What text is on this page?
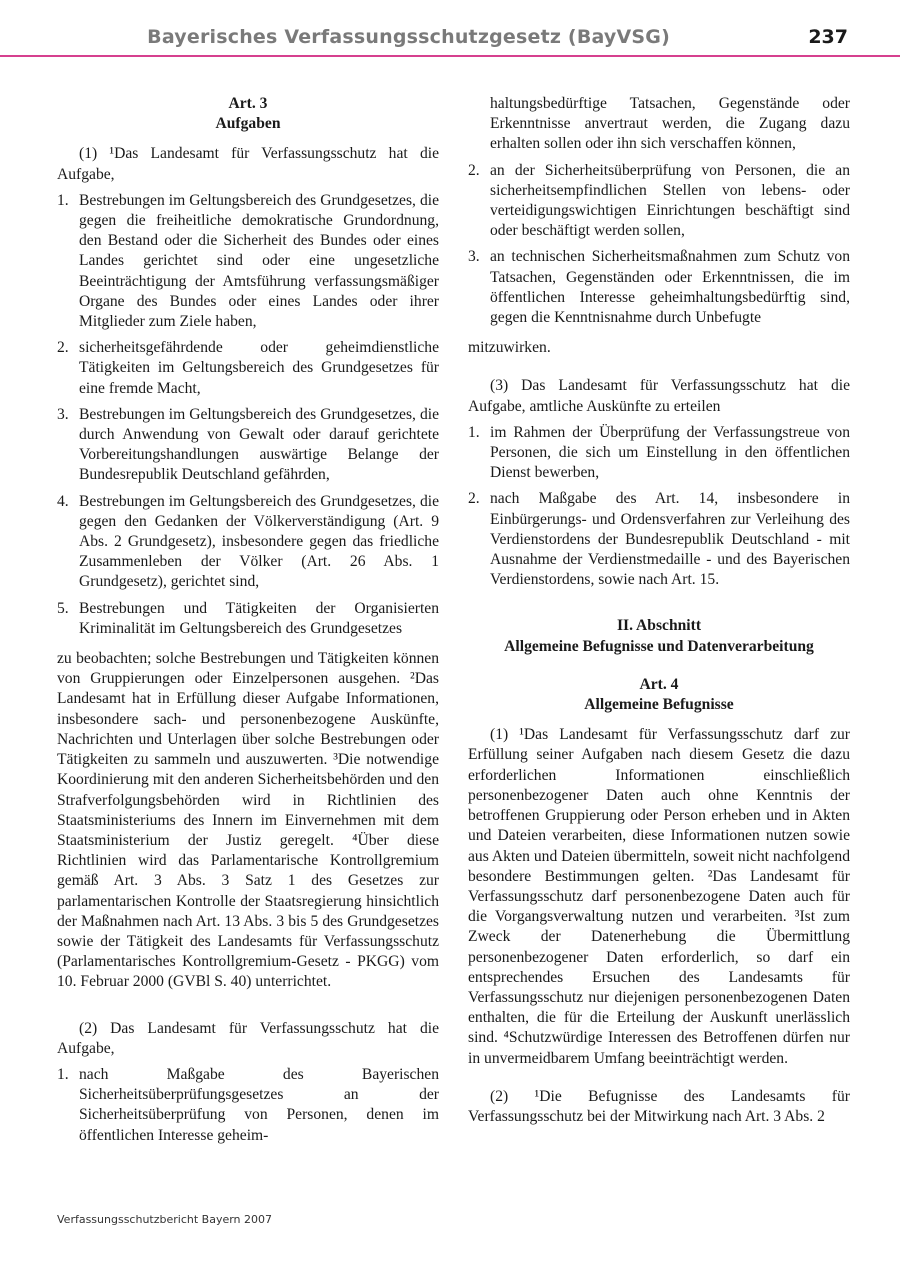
Bayerisches Verfassungsschutzgesetz (BayVSG)	237

Art. 3

Aufgaben

(1) ¹Das Landesamt für Verfassungsschutz hat die Aufgabe,

1. Bestrebungen im Geltungsbereich des Grundgesetzes, die gegen die freiheitliche demokratische Grundordnung, den Bestand oder die Sicherheit des Bundes oder eines Landes gerichtet sind oder eine ungesetzliche Beeinträchtigung der Amtsführung verfassungsmäßiger Organe des Bundes oder eines Landes oder ihrer Mitglieder zum Ziele haben,
2. sicherheitsgefährdende oder geheimdienstliche Tätigkeiten im Geltungsbereich des Grundgesetzes für eine fremde Macht,
3. Bestrebungen im Geltungsbereich des Grundgesetzes, die durch Anwendung von Gewalt oder darauf gerichtete Vorbereitungshandlungen auswärtige Belange der Bundesrepublik Deutschland gefährden,
4. Bestrebungen im Geltungsbereich des Grundgesetzes, die gegen den Gedanken der Völkerverständigung (Art. 9 Abs. 2 Grundgesetz), insbesondere gegen das friedliche Zusammenleben der Völker (Art. 26 Abs. 1 Grundgesetz), gerichtet sind,
5. Bestrebungen und Tätigkeiten der Organisierten Kriminalität im Geltungsbereich des Grundgesetzes

zu beobachten; solche Bestrebungen und Tätigkeiten können von Gruppierungen oder Einzelpersonen ausgehen. ²Das Landesamt hat in Erfüllung dieser Aufgabe Informationen, insbesondere sach- und personenbezogene Auskünfte, Nachrichten und Unterlagen über solche Bestrebungen oder Tätigkeiten zu sammeln und auszuwerten. ³Die notwendige Koordinierung mit den anderen Sicherheitsbehörden und den Strafverfolgungsbehörden wird in Richtlinien des Staatsministeriums des Innern im Einvernehmen mit dem Staatsministerium der Justiz geregelt. ⁴Über diese Richtlinien wird das Parlamentarische Kontrollgremium gemäß Art. 3 Abs. 3 Satz 1 des Gesetzes zur parlamentarischen Kontrolle der Staatsregierung hinsichtlich der Maßnahmen nach Art. 13 Abs. 3 bis 5 des Grundgesetzes sowie der Tätigkeit des Landesamts für Verfassungsschutz (Parlamentarisches Kontrollgremium-Gesetz - PKGG) vom 10. Februar 2000 (GVBl S. 40) unterrichtet.

(2) Das Landesamt für Verfassungsschutz hat die Aufgabe,

1. nach Maßgabe des Bayerischen Sicherheitsüberprüfungsgesetzes an der Sicherheitsüberprüfung von Personen, denen im öffentlichen Interesse geheim-
haltungsbedürftige Tatsachen, Gegenstände oder Erkenntnisse anvertraut werden, die Zugang dazu erhalten sollen oder ihn sich verschaffen können,
2. an der Sicherheitsüberprüfung von Personen, die an sicherheitsempfindlichen Stellen von lebens- oder verteidigungswichtigen Einrichtungen beschäftigt sind oder beschäftigt werden sollen,
3. an technischen Sicherheitsmaßnahmen zum Schutz von Tatsachen, Gegenständen oder Erkenntnissen, die im öffentlichen Interesse geheimhaltungsbedürftig sind, gegen die Kenntnisnahme durch Unbefugte

mitzuwirken.

(3) Das Landesamt für Verfassungsschutz hat die Aufgabe, amtliche Auskünfte zu erteilen

1. im Rahmen der Überprüfung der Verfassungstreue von Personen, die sich um Einstellung in den öffentlichen Dienst bewerben,
2. nach Maßgabe des Art. 14, insbesondere in Einbürgerungs- und Ordensverfahren zur Verleihung des Verdienstordens der Bundesrepublik Deutschland - mit Ausnahme der Verdienstmedaille - und des Bayerischen Verdienstordens, sowie nach Art. 15.

II. Abschnitt

Allgemeine Befugnisse und Datenverarbeitung

Art. 4

Allgemeine Befugnisse

(1) ¹Das Landesamt für Verfassungsschutz darf zur Erfüllung seiner Aufgaben nach diesem Gesetz die dazu erforderlichen Informationen einschließlich personenbezogener Daten auch ohne Kenntnis der betroffenen Gruppierung oder Person erheben und in Akten und Dateien verarbeiten, diese Informationen nutzen sowie aus Akten und Dateien übermitteln, soweit nicht nachfolgend besondere Bestimmungen gelten. ²Das Landesamt für Verfassungsschutz darf personenbezogene Daten auch für die Vorgangsverwaltung nutzen und verarbeiten. ³Ist zum Zweck der Datenerhebung die Übermittlung personenbezogener Daten erforderlich, so darf ein entsprechendes Ersuchen des Landesamts für Verfassungsschutz nur diejenigen personenbezogenen Daten enthalten, die für die Erteilung der Auskunft unerlässlich sind. ⁴Schutzwürdige Interessen des Betroffenen dürfen nur in unvermeidbarem Umfang beeinträchtigt werden.

(2) ¹Die Befugnisse des Landesamts für Verfassungsschutz bei der Mitwirkung nach Art. 3 Abs. 2

Verfassungsschutzbericht Bayern 2007
